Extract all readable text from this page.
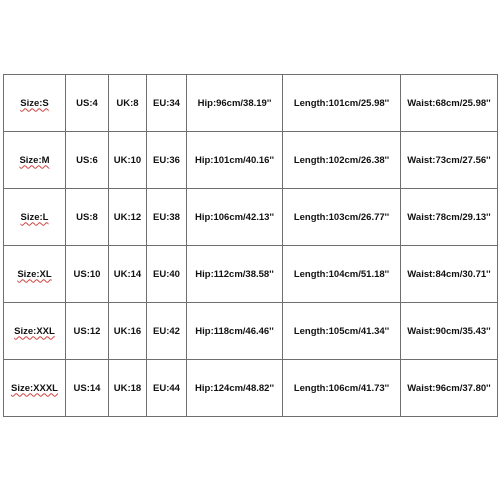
Size:S	US:4	UK:8	EU:34	Hip:96cm/38.19''	Length:101cm/25.98''	Waist:68cm/25.98''
Size:M	US:6	UK:10	EU:36	Hip:101cm/40.16''	Length:102cm/26.38''	Waist:73cm/27.56''
Size:L	US:8	UK:12	EU:38	Hip:106cm/42.13''	Length:103cm/26.77''	Waist:78cm/29.13''
Size:XL	US:10	UK:14	EU:40	Hip:112cm/38.58''	Length:104cm/51.18''	Waist:84cm/30.71''
Size:XXL	US:12	UK:16	EU:42	Hip:118cm/46.46''	Length:105cm/41.34''	Waist:90cm/35.43''
Size:XXXL	US:14	UK:18	EU:44	Hip:124cm/48.82''	Length:106cm/41.73''	Waist:96cm/37.80''
